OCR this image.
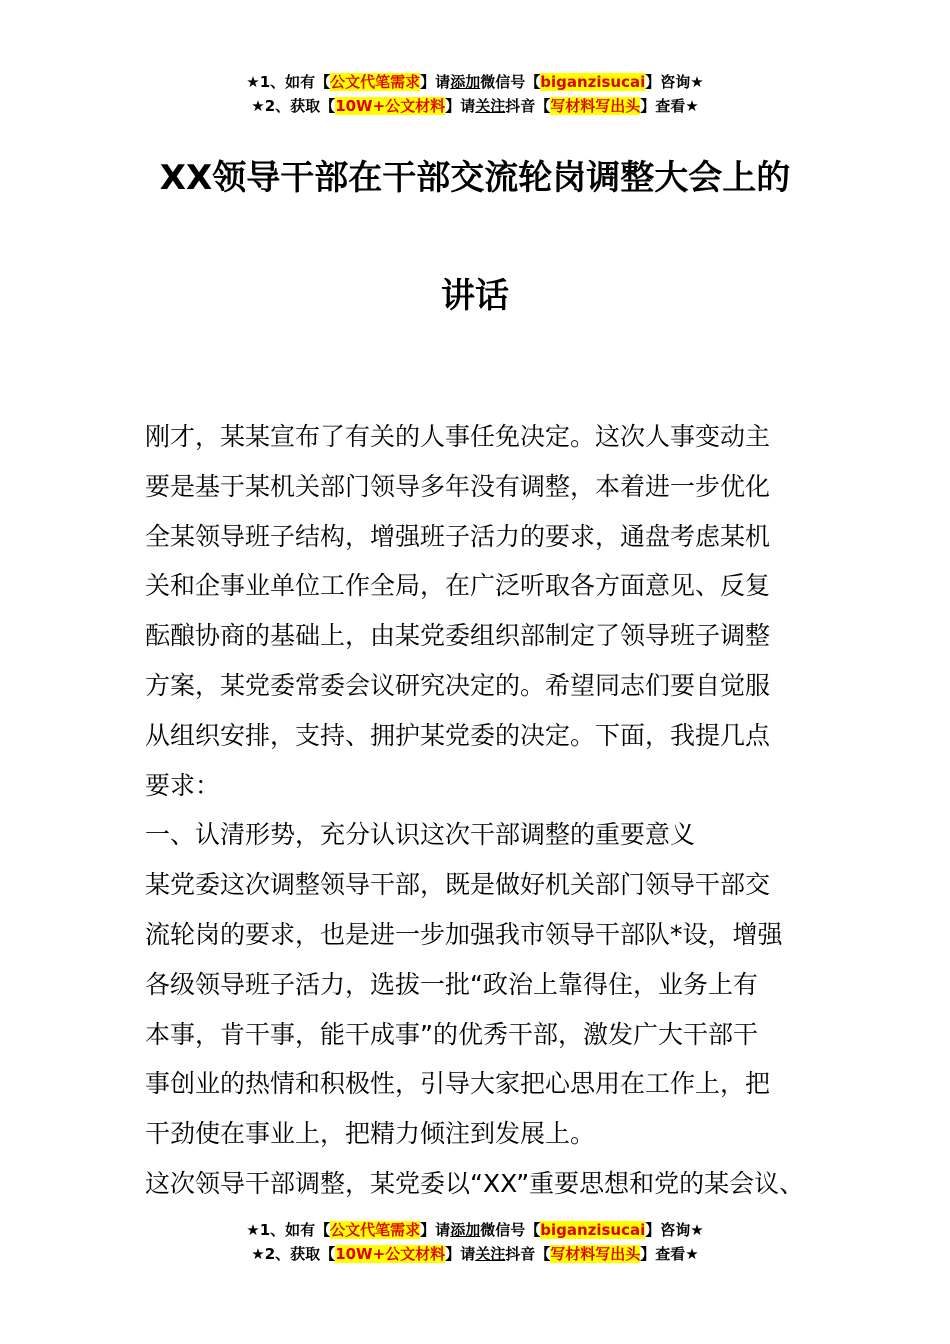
★1、如有【公文代笔需求】请添加微信号【biganzisucai】咨询★
★2、获取【10W+公文材料】请关注抖音【写材料写出头】查看★
XX领导干部在干部交流轮岗调整大会上的
讲话

刚才，某某宣布了有关的人事任免决定。这次人事变动主

要是基于某机关部门领导多年没有调整，本着进一步优化

全某领导班子结构，增强班子活力的要求，通盘考虑某机

关和企事业单位工作全局，在广泛听取各方面意见、反复

酝酿协商的基础上，由某党委组织部制定了领导班子调整

方案，某党委常委会议研究决定的。希望同志们要自觉服

从组织安排，支持、拥护某党委的决定。下面，我提几点

要求：

一、认清形势，充分认识这次干部调整的重要意义

某党委这次调整领导干部，既是做好机关部门领导干部交

流轮岗的要求，也是进一步加强我市领导干部队*设，增强

各级领导班子活力，选拔一批“政治上靠得住，业务上有

本事，肯干事，能干成事”的优秀干部，激发广大干部干

事创业的热情和积极性，引导大家把心思用在工作上，把

干劲使在事业上，把精力倾注到发展上。

这次领导干部调整，某党委以“XX”重要思想和党的某会议、

★1、如有【公文代笔需求】请添加微信号【biganzisucai】咨询★
★2、获取【10W+公文材料】请关注抖音【写材料写出头】查看★
